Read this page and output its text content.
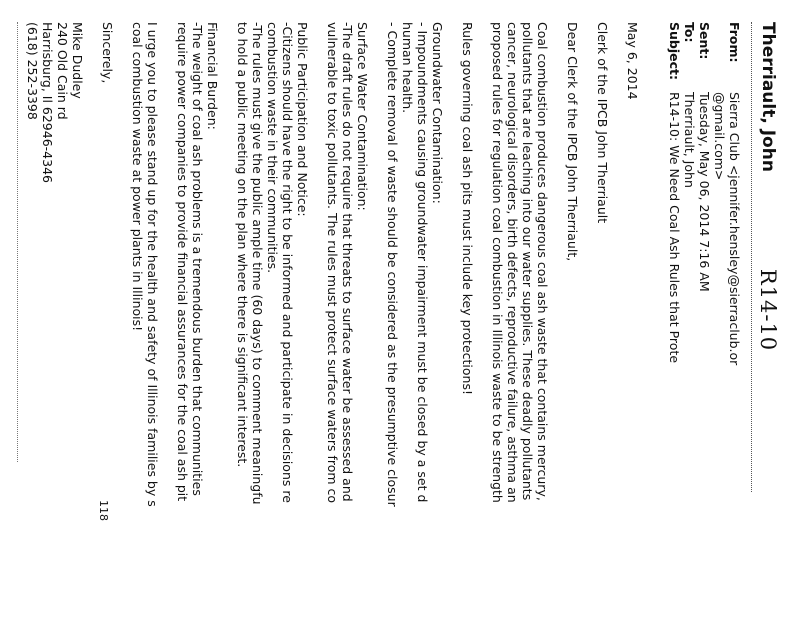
R14-10
Therriault, John
From:
Sierra Club <jennifer.hensley@sierraclub.or
@gmail.com>
Sent:
Tuesday, May 06, 2014 7:16 AM
To:
Therriault, John
Subject:
R14-10: We Need Coal Ash Rules that Prote

May 6, 2014

Clerk of the IPCB John Therriault

Dear Clerk of the IPCB John Therriault,

Coal combustion produces dangerous coal ash waste that contains mercury,
pollutants that are leaching into our water supplies. These deadly pollutants
cancer, neurological disorders, birth defects, reproductive failure, asthma an
proposed rules for regulation coal combustion in Illinois waste to be strength

Rules governing coal ash pits must include key protections!

Groundwater Contamination:
- Impoundments causing groundwater impairment must be closed by a set d
human health.
- Complete removal of waste should be considered as the presumptive closur

Surface Water Contamination:
-The draft rules do not require that threats to surface water be assessed and
vulnerable to toxic pollutants. The rules must protect surface waters from co

Public Participation and Notice:
-Citizens should have the right to be informed and participate in decisions re
combustion waste in their communities.
-The rules must give the public ample time (60 days) to comment meaningfu
to hold a public meeting on the plan where there is significant interest.

Financial Burden:
-The weight of coal ash problems is a tremendous burden that communities
require power companies to provide financial assurances for the coal ash pit

I urge you to please stand up for the health and safety of Illinois families by s
coal combustion waste at power plants in Illinois!

Sincerely,

Mike Dudley
240 Old Cain rd
Harrisburg, Il 62946-4346
(618) 252-3398

118
